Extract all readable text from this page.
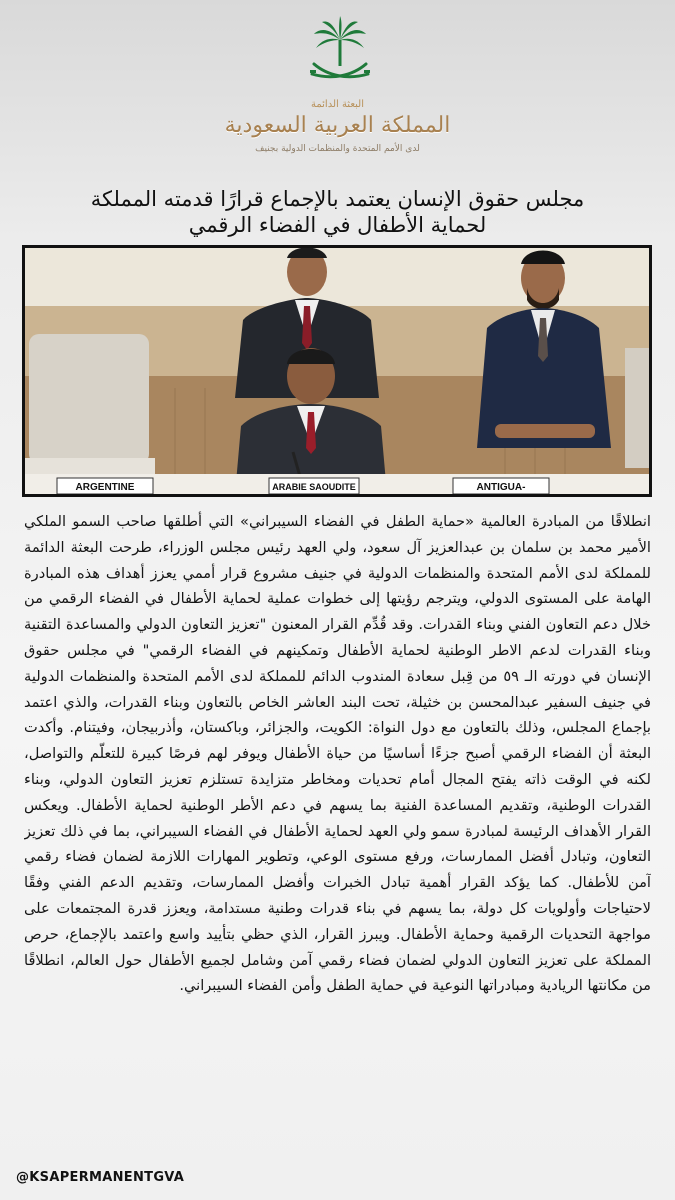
البعثة الدائمة
المملكة العربية السعودية
لدى الأمم المتحدة والمنظمات الدولية بجنيف
مجلس حقوق الإنسان يعتمد بالإجماع قرارًا قدمته المملكة
لحماية الأطفال في الفضاء الرقمي
ARGENTINE	ARABIE SAOUDITE	ANTIGUA-
انطلاقًا من المبادرة العالمية «حماية الطفل في الفضاء السيبراني» التي أطلقها صاحب السمو الملكي الأمير محمد بن سلمان بن عبدالعزيز آل سعود، ولي العهد رئيس مجلس الوزراء، طرحت البعثة الدائمة للمملكة لدى الأمم المتحدة والمنظمات الدولية في جنيف مشروع قرار أممي يعزز أهداف هذه المبادرة الهامة على المستوى الدولي، ويترجم رؤيتها إلى خطوات عملية لحماية الأطفال في الفضاء الرقمي من خلال دعم التعاون الفني وبناء القدرات. وقد قُدِّم القرار المعنون "تعزيز التعاون الدولي والمساعدة التقنية وبناء القدرات لدعم الاطر الوطنية لحماية الأطفال وتمكينهم في الفضاء الرقمي" في مجلس حقوق الإنسان في دورته الـ ٥٩ من قِبل سعادة المندوب الدائم للمملكة لدى الأمم المتحدة والمنظمات الدولية في جنيف السفير عبدالمحسن بن خثيلة، تحت البند العاشر الخاص بالتعاون وبناء القدرات، والذي اعتمد بإجماع المجلس، وذلك بالتعاون مع دول النواة: الكويت، والجزائر، وباكستان، وأذربيجان، وفيتنام. وأكدت البعثة أن الفضاء الرقمي أصبح جزءًا أساسيًا من حياة الأطفال ويوفر لهم فرصًا كبيرة للتعلّم والتواصل، لكنه في الوقت ذاته يفتح المجال أمام تحديات ومخاطر متزايدة تستلزم تعزيز التعاون الدولي، وبناء القدرات الوطنية، وتقديم المساعدة الفنية بما يسهم في دعم الأطر الوطنية لحماية الأطفال. ويعكس القرار الأهداف الرئيسة لمبادرة سمو ولي العهد لحماية الأطفال في الفضاء السيبراني، بما في ذلك تعزيز التعاون، وتبادل أفضل الممارسات، ورفع مستوى الوعي، وتطوير المهارات اللازمة لضمان فضاء رقمي آمن للأطفال. كما يؤكد القرار أهمية تبادل الخبرات وأفضل الممارسات، وتقديم الدعم الفني وفقًا لاحتياجات وأولويات كل دولة، بما يسهم في بناء قدرات وطنية مستدامة، ويعزز قدرة المجتمعات على مواجهة التحديات الرقمية وحماية الأطفال. ويبرز القرار، الذي حظي بتأييد واسع واعتمد بالإجماع، حرص المملكة على تعزيز التعاون الدولي لضمان فضاء رقمي آمن وشامل لجميع الأطفال حول العالم، انطلاقًا من مكانتها الريادية ومبادراتها النوعية في حماية الطفل وأمن الفضاء السيبراني.
@KSAPERMANENTGVA
